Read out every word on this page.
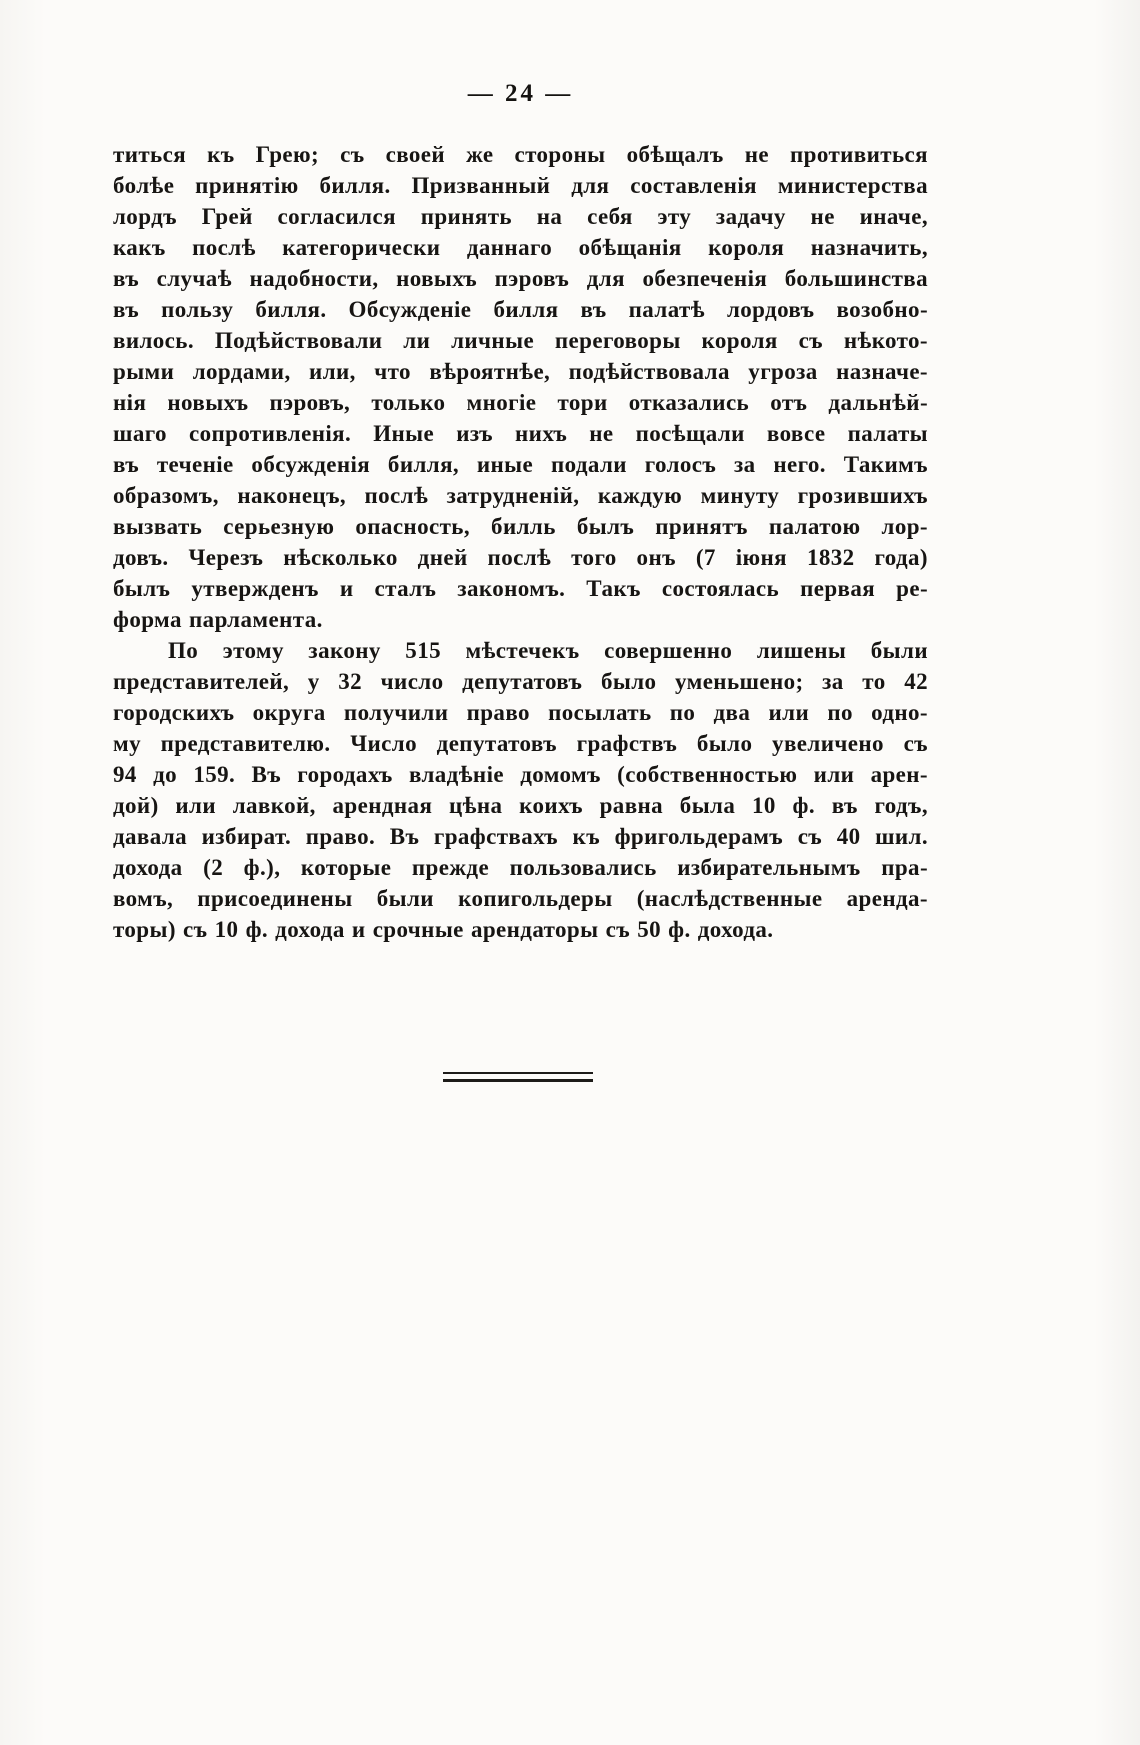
— 24 —
титься къ Грею; съ своей же стороны обѣщалъ не противиться
болѣе принятію билля. Призванный для составленія министерства
лордъ Грей согласился принять на себя эту задачу не иначе,
какъ послѣ категорически даннаго обѣщанія короля назначить,
въ случаѣ надобности, новыхъ пэровъ для обезпеченія большинства
въ пользу билля. Обсужденіе билля въ палатѣ лордовъ возобно-
вилось. Подѣйствовали ли личные переговоры короля съ нѣкото-
рыми лордами, или, что вѣроятнѣе, подѣйствовала угроза назначе-
нія новыхъ пэровъ, только многіе тори отказались отъ дальнѣй-
шаго сопротивленія. Иные изъ нихъ не посѣщали вовсе палаты
въ теченіе обсужденія билля, иные подали голосъ за него. Такимъ
образомъ, наконецъ, послѣ затрудненій, каждую минуту грозившихъ
вызвать серьезную опасность, билль былъ принятъ палатою лор-
довъ. Черезъ нѣсколько дней послѣ того онъ (7 іюня 1832 года)
былъ утвержденъ и сталъ закономъ. Такъ состоялась первая ре-
форма парламента.
По этому закону 515 мѣстечекъ совершенно лишены были
представителей, у 32 число депутатовъ было уменьшено; за то 42
городскихъ округа получили право посылать по два или по одно-
му представителю. Число депутатовъ графствъ было увеличено съ
94 до 159. Въ городахъ владѣніе домомъ (собственностью или арен-
дой) или лавкой, арендная цѣна коихъ равна была 10 ф. въ годъ,
давала избират. право. Въ графствахъ къ фригольдерамъ съ 40 шил.
дохода (2 ф.), которые прежде пользовались избирательнымъ пра-
вомъ, присоединены были копигольдеры (наслѣдственные аренда-
торы) съ 10 ф. дохода и срочные арендаторы съ 50 ф. дохода.
